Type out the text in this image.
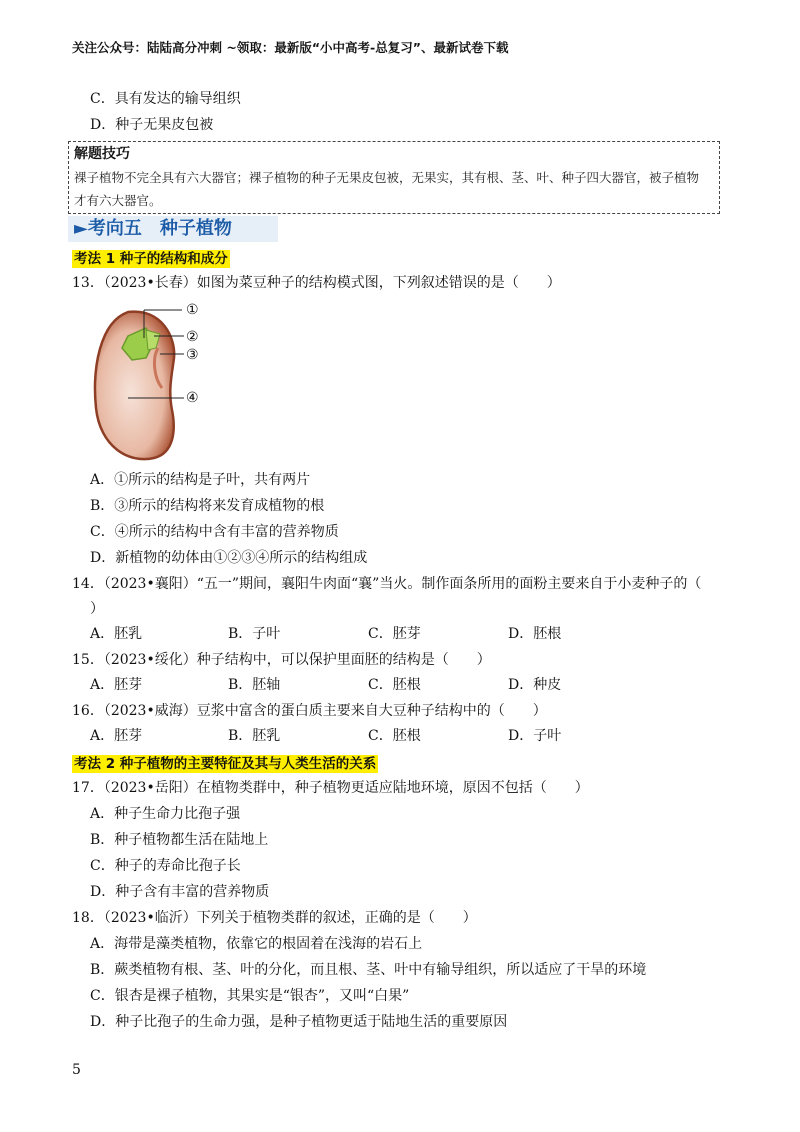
关注公众号：陆陆高分冲刺 ~领取：最新版“小中高考-总复习”、最新试卷下载
C．具有发达的输导组织
D．种子无果皮包被
解题技巧
裸子植物不完全具有六大器官；裸子植物的种子无果皮包被，无果实，其有根、茎、叶、种子四大器官，被子植物才有六大器官。
►考向五　种子植物
考法 1 种子的结构和成分
13．（2023•长春）如图为菜豆种子的结构模式图，下列叙述错误的是（　　）
①
②
③
④
A．①所示的结构是子叶，共有两片
B．③所示的结构将来发育成植物的根
C．④所示的结构中含有丰富的营养物质
D．新植物的幼体由①②③④所示的结构组成
14．（2023•襄阳）“五一”期间，襄阳牛肉面“襄”当火。制作面条所用的面粉主要来自于小麦种子的（
）
A．胚乳	B．子叶	C．胚芽	D．胚根
15．（2023•绥化）种子结构中，可以保护里面胚的结构是（　　）
A．胚芽	B．胚轴	C．胚根	D．种皮
16．（2023•威海）豆浆中富含的蛋白质主要来自大豆种子结构中的（　　）
A．胚芽	B．胚乳	C．胚根	D．子叶
考法 2 种子植物的主要特征及其与人类生活的关系
17．（2023•岳阳）在植物类群中，种子植物更适应陆地环境，原因不包括（　　）
A．种子生命力比孢子强
B．种子植物都生活在陆地上
C．种子的寿命比孢子长
D．种子含有丰富的营养物质
18．（2023•临沂）下列关于植物类群的叙述，正确的是（　　）
A．海带是藻类植物，依靠它的根固着在浅海的岩石上
B．蕨类植物有根、茎、叶的分化，而且根、茎、叶中有输导组织，所以适应了干旱的环境
C．银杏是裸子植物，其果实是“银杏”，又叫“白果”
D．种子比孢子的生命力强，是种子植物更适于陆地生活的重要原因
5
